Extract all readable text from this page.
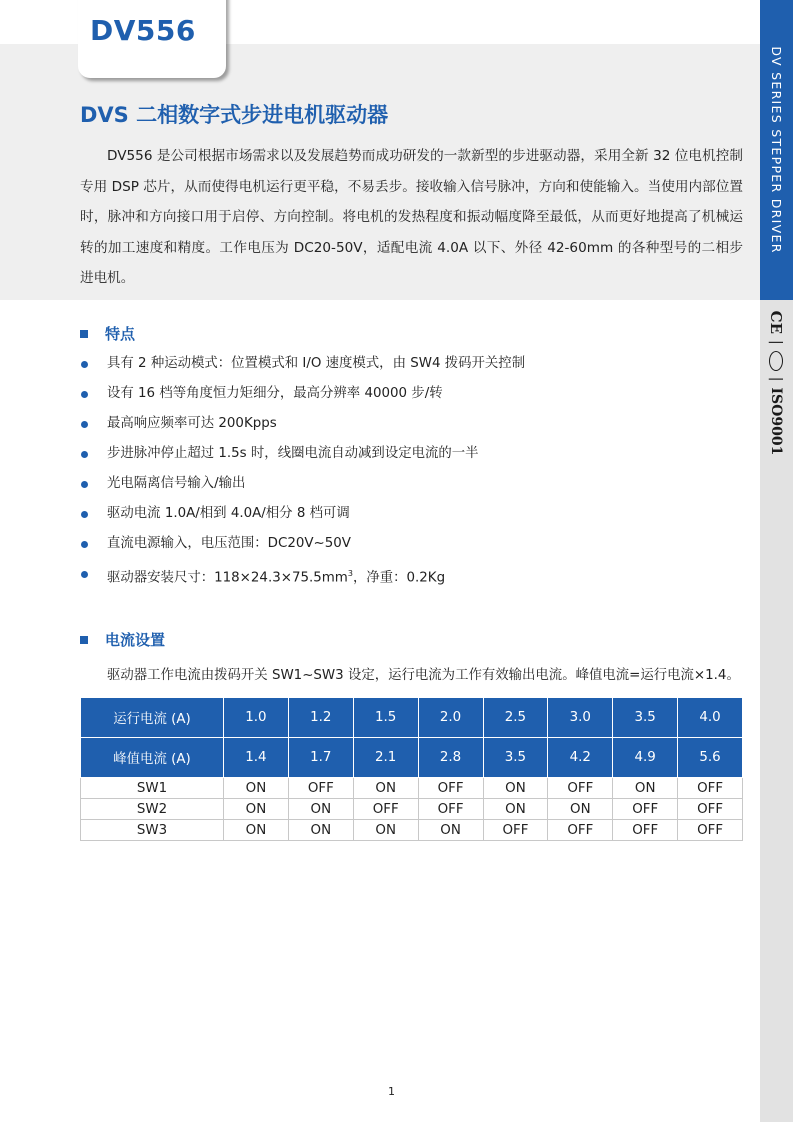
DV556
DVS 二相数字式步进电机驱动器

DV556 是公司根据市场需求以及发展趋势而成功研发的一款新型的步进驱动器，采用全新 32 位电机控制专用 DSP 芯片，从而使得电机运行更平稳，不易丢步。接收输入信号脉冲，方向和使能输入。当使用内部位置时，脉冲和方向接口用于启停、方向控制。将电机的发热程度和振动幅度降至最低，从而更好地提高了机械运转的加工速度和精度。工作电压为 DC20-50V，适配电流 4.0A 以下、外径 42-60mm 的各种型号的二相步进电机。

DV SERIES STEPPER DRIVER
CE
|
|
ISO9001
特点
具有 2 种运动模式：位置模式和 I/O 速度模式，由 SW4 拨码开关控制
设有 16 档等角度恒力矩细分，最高分辨率 40000 步/转
最高响应频率可达 200Kpps
步进脉冲停止超过 1.5s 时，线圈电流自动减到设定电流的一半
光电隔离信号输入/输出
驱动电流 1.0A/相到 4.0A/相分 8 档可调
直流电源输入，电压范围：DC20V~50V
驱动器安装尺寸：$118\times 24.3\times 75.5mm^3$，净重：0.2Kg
电流设置
驱动器工作电流由拨码开关 SW1~SW3 设定，运行电流为工作有效输出电流。峰值电流=运行电流×1.4。
运行电流 (A)	1.0	1.2	1.5	2.0	2.5	3.0	3.5	4.0
峰值电流 (A)	1.4	1.7	2.1	2.8	3.5	4.2	4.9	5.6
SW1	ON	OFF	ON	OFF	ON	OFF	ON	OFF
SW2	ON	ON	OFF	OFF	ON	ON	OFF	OFF
SW3	ON	ON	ON	ON	OFF	OFF	OFF	OFF
1
